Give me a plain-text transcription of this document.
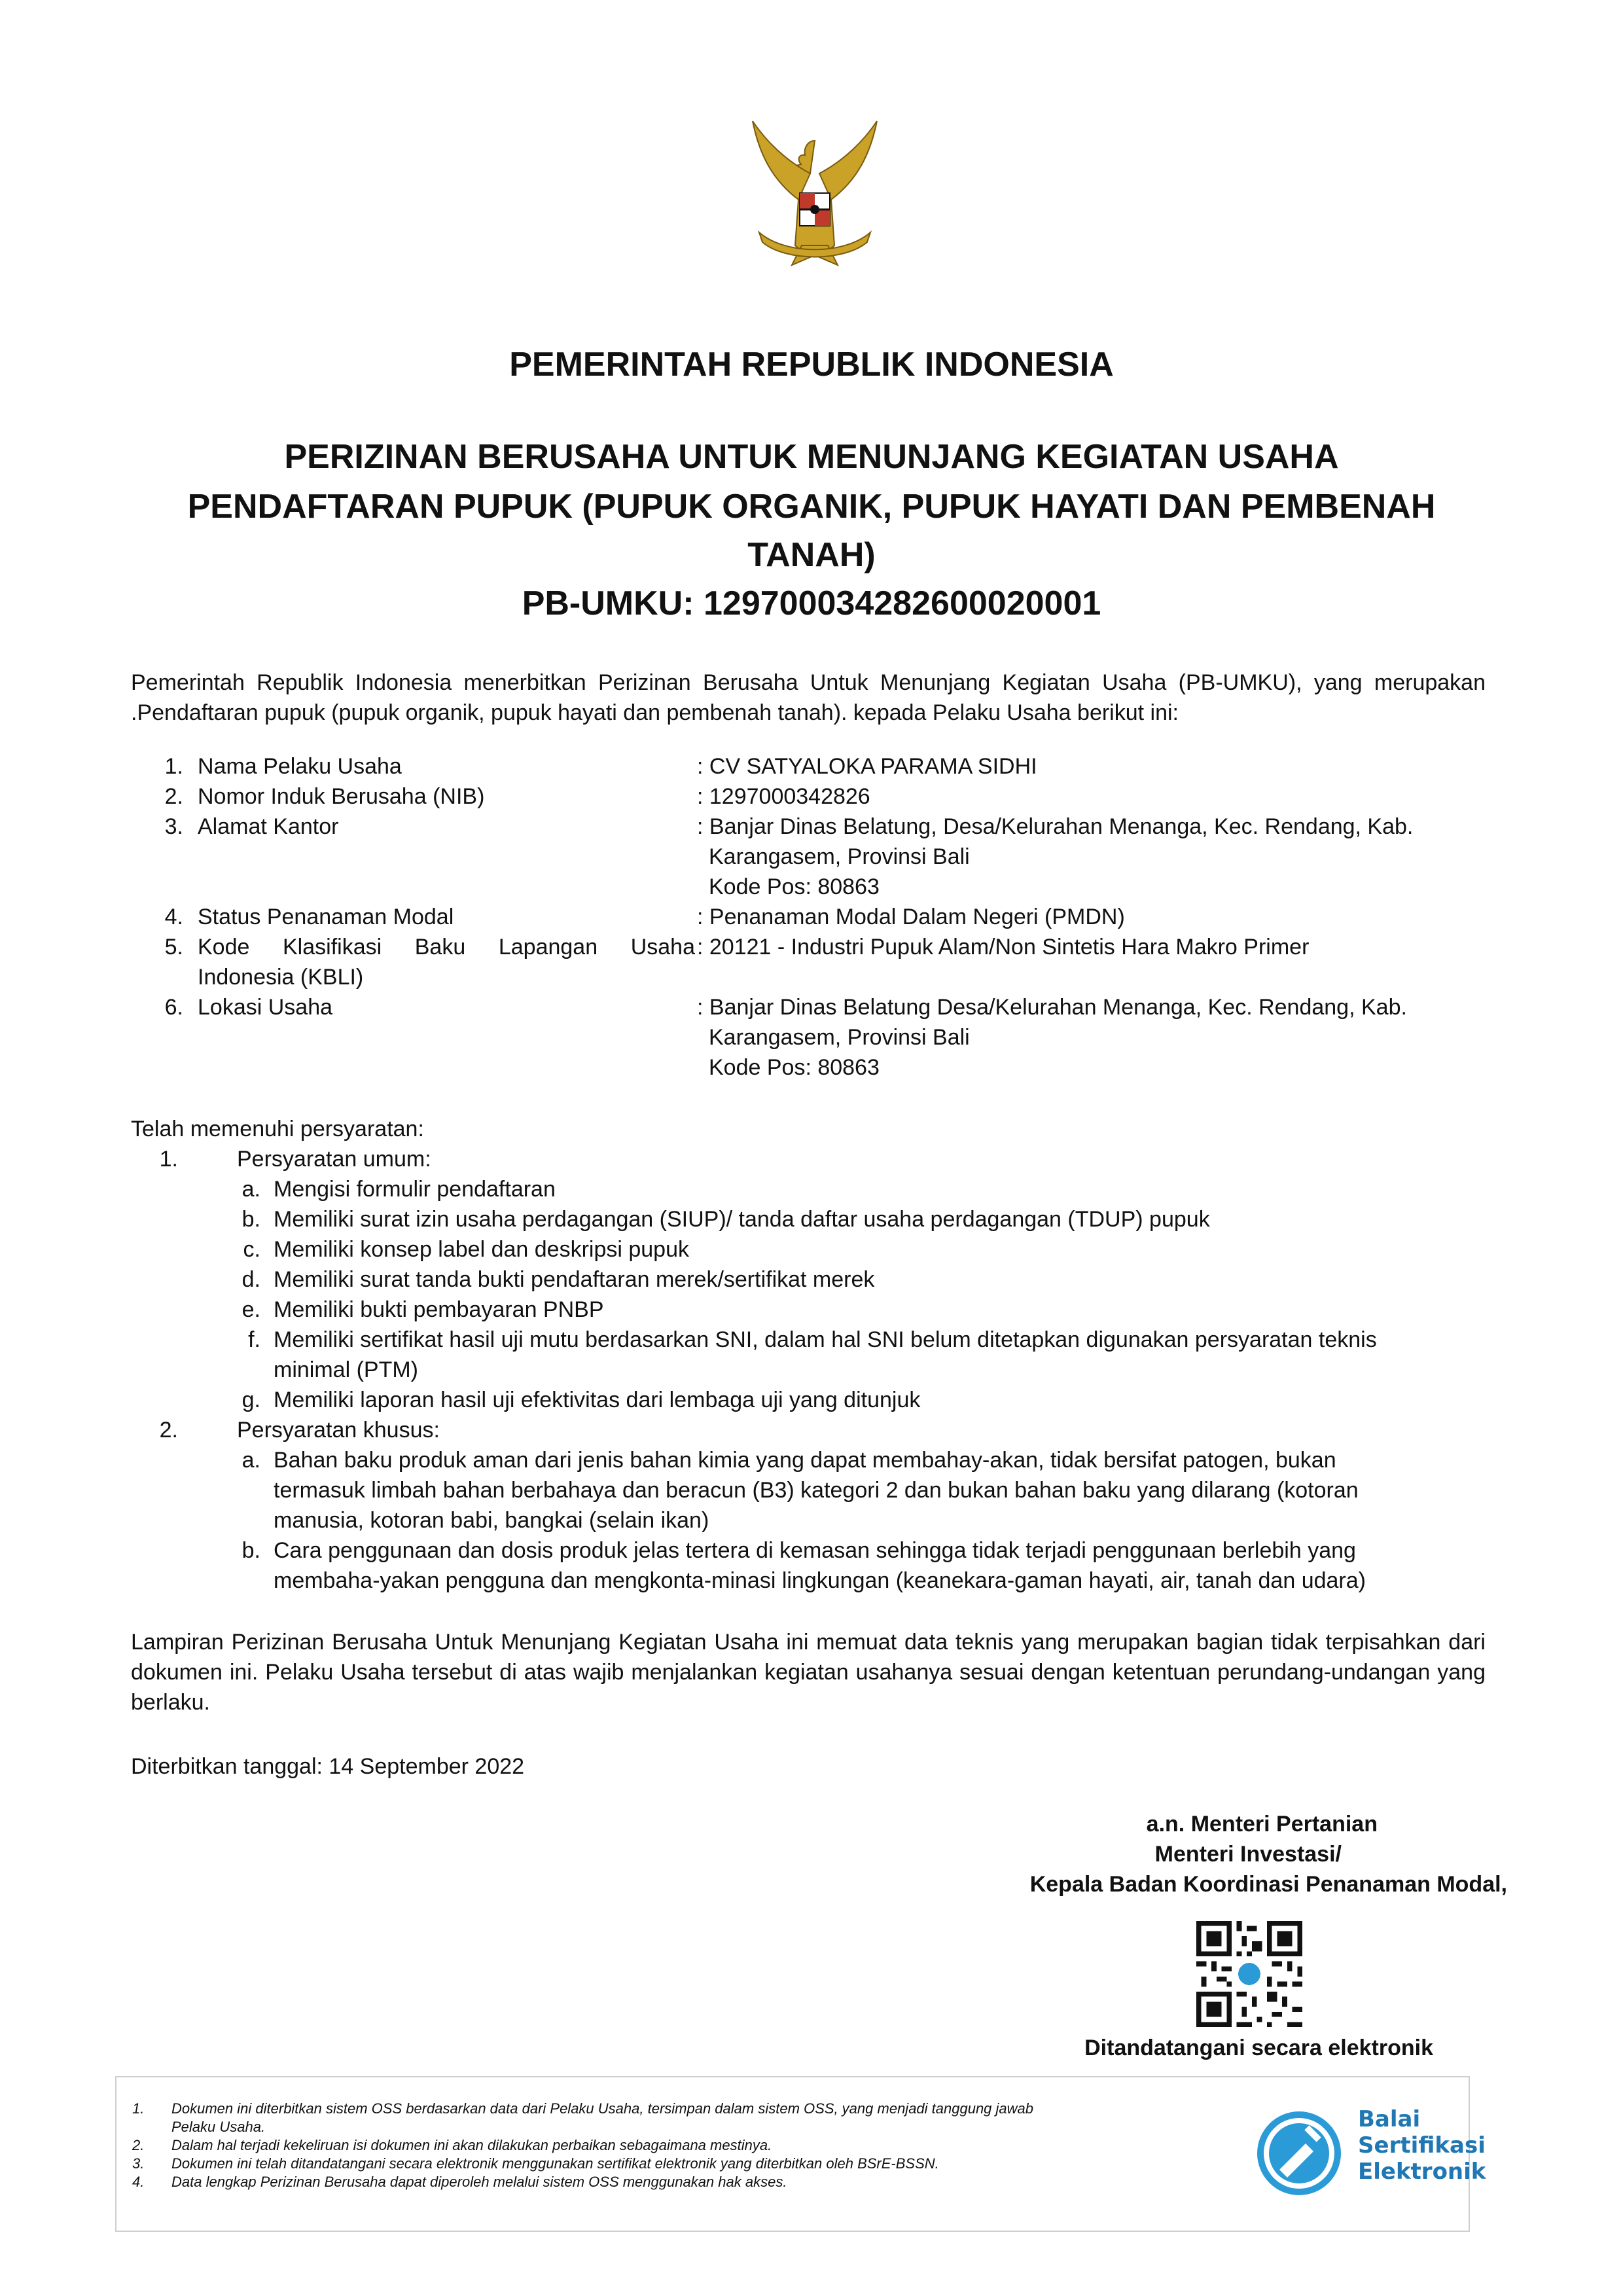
PEMERINTAH REPUBLIK INDONESIA
PERIZINAN BERUSAHA UNTUK MENUNJANG KEGIATAN USAHA
PENDAFTARAN PUPUK (PUPUK ORGANIK, PUPUK HAYATI DAN PEMBENAH
TANAH)
PB-UMKU: 129700034282600020001
Pemerintah Republik Indonesia menerbitkan Perizinan Berusaha Untuk Menunjang Kegiatan Usaha (PB-UMKU), yang merupakan .Pendaftaran pupuk (pupuk organik, pupuk hayati dan pembenah tanah). kepada Pelaku Usaha berikut ini:
1. Nama Pelaku Usaha	: CV SATYALOKA PARAMA SIDHI
2. Nomor Induk Berusaha (NIB)	: 1297000342826
3. Alamat Kantor	: Banjar Dinas Belatung, Desa/Kelurahan Menanga, Kec. Rendang, Kab.
Karangasem, Provinsi Bali
Kode Pos: 80863
4. Status Penanaman Modal	: Penanaman Modal Dalam Negeri (PMDN)
5. Kode Klasifikasi Baku Lapangan Usaha
Indonesia (KBLI)
: 20121 - Industri Pupuk Alam/Non Sintetis Hara Makro Primer
6. Lokasi Usaha	: Banjar Dinas Belatung Desa/Kelurahan Menanga, Kec. Rendang, Kab.
Karangasem, Provinsi Bali
Kode Pos: 80863
Telah memenuhi persyaratan:
1.	Persyaratan umum:
a. Mengisi formulir pendaftaran
b. Memiliki surat izin usaha perdagangan (SIUP)/ tanda daftar usaha perdagangan (TDUP) pupuk
c. Memiliki konsep label dan deskripsi pupuk
d. Memiliki surat tanda bukti pendaftaran merek/sertifikat merek
e. Memiliki bukti pembayaran PNBP
f. Memiliki sertifikat hasil uji mutu berdasarkan SNI, dalam hal SNI belum ditetapkan digunakan persyaratan teknis
minimal (PTM)
g. Memiliki laporan hasil uji efektivitas dari lembaga uji yang ditunjuk
2.	Persyaratan khusus:
a. Bahan baku produk aman dari jenis bahan kimia yang dapat membahay-akan, tidak bersifat patogen, bukan
termasuk limbah bahan berbahaya dan beracun (B3) kategori 2 dan bukan bahan baku yang dilarang (kotoran
manusia, kotoran babi, bangkai (selain ikan)
b. Cara penggunaan dan dosis produk jelas tertera di kemasan sehingga tidak terjadi penggunaan berlebih yang
membaha-yakan pengguna dan mengkonta-minasi lingkungan (keanekara-gaman hayati, air, tanah dan udara)
Lampiran Perizinan Berusaha Untuk Menunjang Kegiatan Usaha ini memuat data teknis yang merupakan bagian tidak terpisahkan dari dokumen ini. Pelaku Usaha tersebut di atas wajib menjalankan kegiatan usahanya sesuai dengan ketentuan perundang-undangan yang berlaku.
Diterbitkan tanggal: 14 September 2022
a.n. Menteri Pertanian
Menteri Investasi/
Kepala Badan Koordinasi Penanaman Modal,
Ditandatangani secara elektronik
1.	Dokumen ini diterbitkan sistem OSS berdasarkan data dari Pelaku Usaha, tersimpan dalam sistem OSS, yang menjadi tanggung jawab
Pelaku Usaha.
2.	Dalam hal terjadi kekeliruan isi dokumen ini akan dilakukan perbaikan sebagaimana mestinya.
3.	Dokumen ini telah ditandatangani secara elektronik menggunakan sertifikat elektronik yang diterbitkan oleh BSrE-BSSN.
4.	Data lengkap Perizinan Berusaha dapat diperoleh melalui sistem OSS menggunakan hak akses.
Balai
Sertifikasi
Elektronik
